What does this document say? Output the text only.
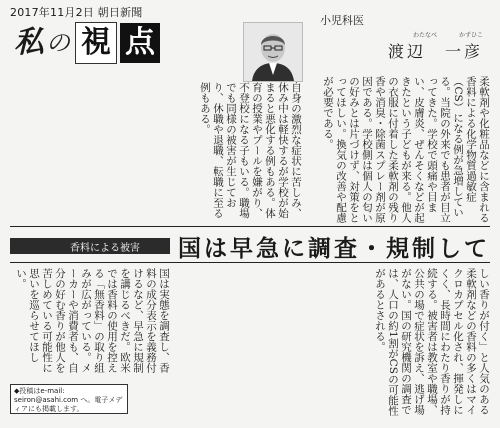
2017年11月2日 朝日新聞
私 の 視 点
小児科医
わたなべ	かずひこ
渡辺　一彦
柔軟剤や化粧品などに含まれる香料による化学物質過敏症（CS）になる例が急増している。当院の外来でも患者が目立ってきた。学校で頭痛や目まい、皮膚炎、ぜんそくなどが起きたという子どもが来る。他人の衣服に付着した柔軟剤の残り香や消臭・除菌スプレー剤が原因である。学校側は個人の匂いの好みとは片づけず、対策をとってほしい。換気の改善や配慮が必要である。
自身の激烈な症状に苦しみ、休み中は軽快するが学校が始まると悪化する例もある。体育の授業やプールを嫌がり、不登校になる子もいる。職場でも同様の被害が生じており、休職や退職、転職に至る例もある。
国は早急に調査・規制して
香料による被害
しい香りが付く」と人気のある柔軟剤などの香料の多くはマイクロカプセル化され、揮発しにくく、長時間にわたり香りが持続する。被害者は教室や職場、公共の場で症状を訴え、逃げ場がない。国の研究機関の調査では、人口の約1割がCSの可能性があるとされる。
国は実態を調査し、香料の成分表示を義務付けるなど、早急に規制を講じるべきだ。欧米では香料の使用を控える「無香料」の取り組みが広がっている。メーカーや消費者も、自分の好む香りが他人を苦しめている可能性に思いを巡らせてほしい。
◆投稿はe-mail: seiron@asahi.com へ。電子メディアにも掲載します。
